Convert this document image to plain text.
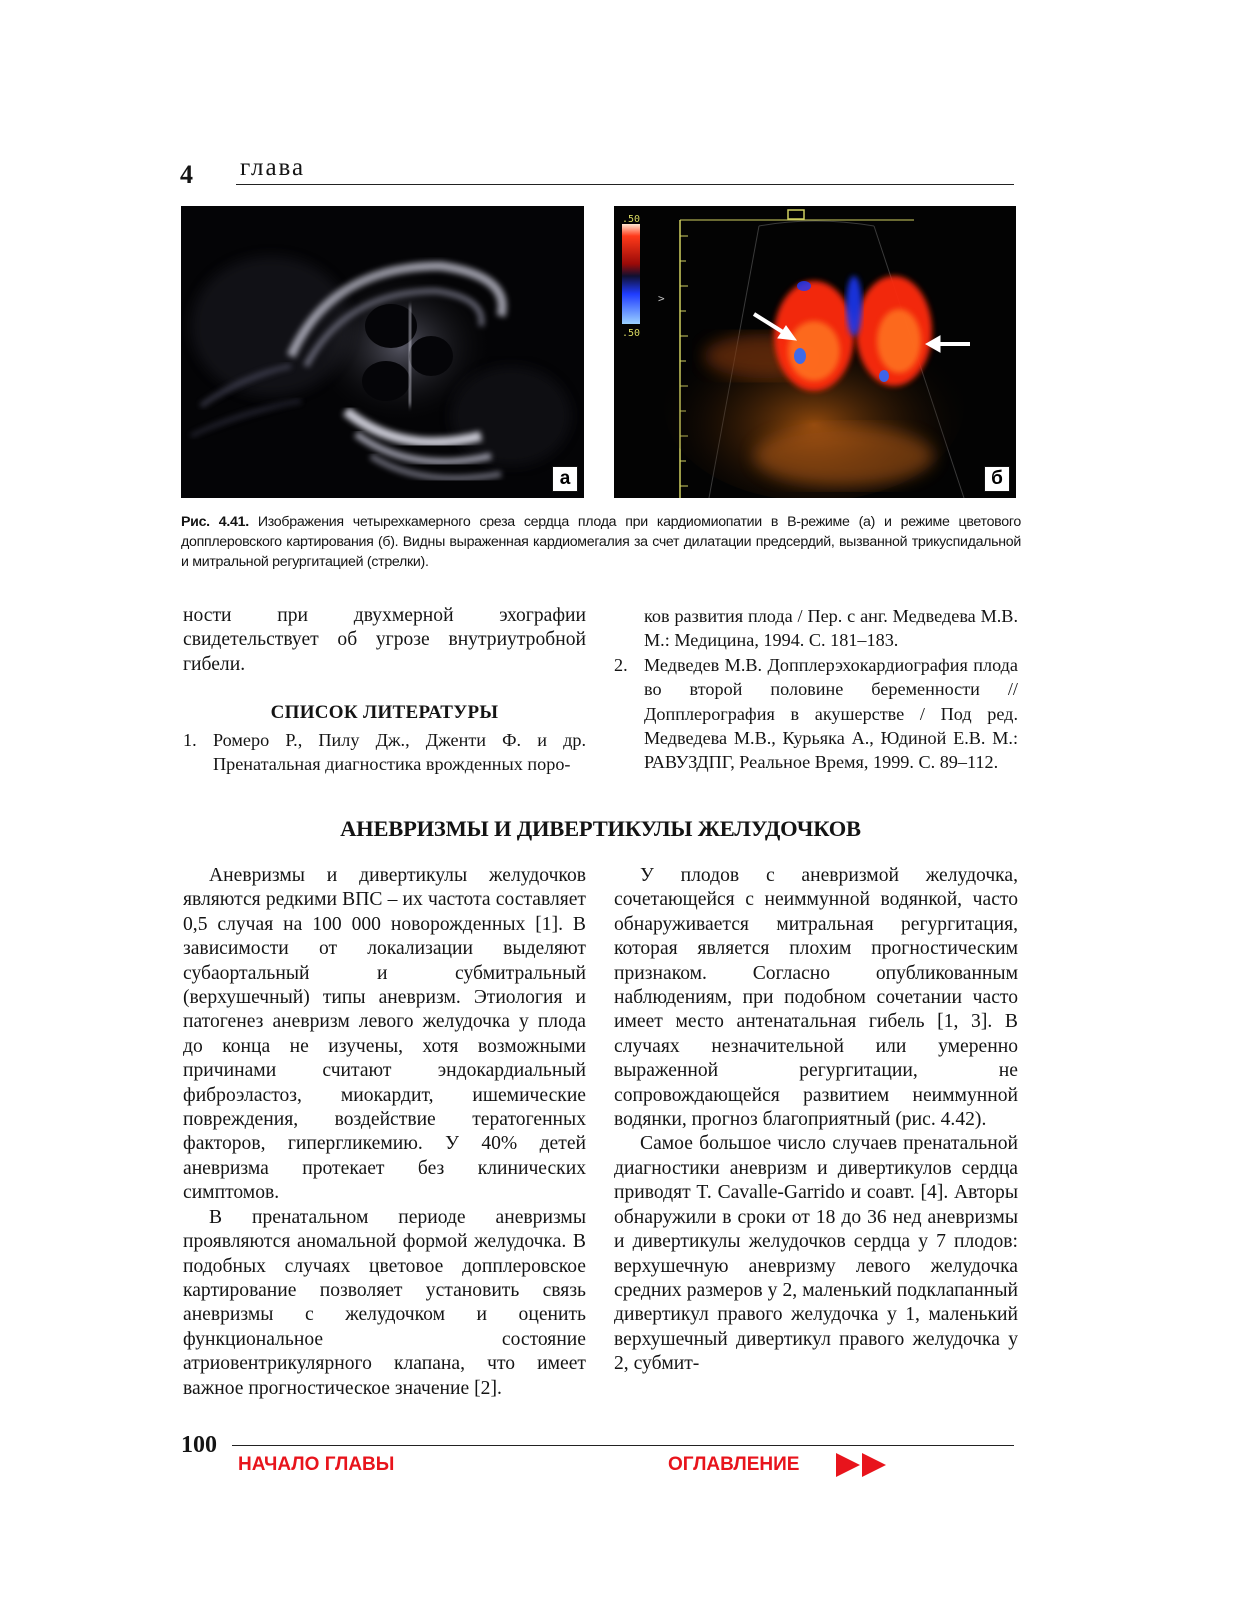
4 глава
а
>
.50
.50
б
Рис. 4.41. Изображения четырехкамерного среза сердца плода при кардиомиопатии в В-режиме (а) и режиме цветового допплеровского картирования (б). Видны выраженная кардиомегалия за счет дилатации предсердий, вызванной трикуспидальной и митральной регургитацией (стрелки).
ности при двухмерной эхографии свидетельствует об угрозе внутриутробной гибели.
СПИСОК ЛИТЕРАТУРЫ
1. Ромеро Р., Пилу Дж., Дженти Ф. и др. Пренатальная диагностика врожденных поро-
ков развития плода / Пер. с анг. Медведева М.В. М.: Медицина, 1994. С. 181–183.
2. Медведев М.В. Допплерэхокардиография плода во второй половине беременности // Допплерография в акушерстве / Под ред. Медведева М.В., Курьяка А., Юдиной Е.В. М.: РАВУЗДПГ, Реальное Время, 1999. С. 89–112.
АНЕВРИЗМЫ И ДИВЕРТИКУЛЫ ЖЕЛУДОЧКОВ

Аневризмы и дивертикулы желудочков являются редкими ВПС – их частота составляет 0,5 случая на 100 000 новорожденных [1]. В зависимости от локализации выделяют субаортальный и субмитральный (верхушечный) типы аневризм. Этиология и патогенез аневризм левого желудочка у плода до конца не изучены, хотя возможными причинами считают эндокардиальный фиброэластоз, миокардит, ишемические повреждения, воздействие тератогенных факторов, гипергликемию. У 40% детей аневризма протекает без клинических симптомов.

В пренатальном периоде аневризмы проявляются аномальной формой желудочка. В подобных случаях цветовое допплеровское картирование позволяет установить связь аневризмы с желудочком и оценить функциональное состояние атриовентрикулярного клапана, что имеет важное прогностическое значение [2].

У плодов с аневризмой желудочка, сочетающейся с неиммунной водянкой, часто обнаруживается митральная регургитация, которая является плохим прогностическим признаком. Согласно опубликованным наблюдениям, при подобном сочетании часто имеет место антенатальная гибель [1, 3]. В случаях незначительной или умеренно выраженной регургитации, не сопровождающейся развитием неиммунной водянки, прогноз благоприятный (рис. 4.42).

Самое большое число случаев пренатальной диагностики аневризм и дивертикулов сердца приводят T. Cavalle-Garrido и соавт. [4]. Авторы обнаружили в сроки от 18 до 36 нед аневризмы и дивертикулы желудочков сердца у 7 плодов: верхушечную аневризму левого желудочка средних размеров у 2, маленький подклапанный дивертикул правого желудочка у 1, маленький верхушечный дивертикул правого желудочка у 2, субмит-

100
НАЧАЛО ГЛАВЫ	ОГЛАВЛЕНИЕ
